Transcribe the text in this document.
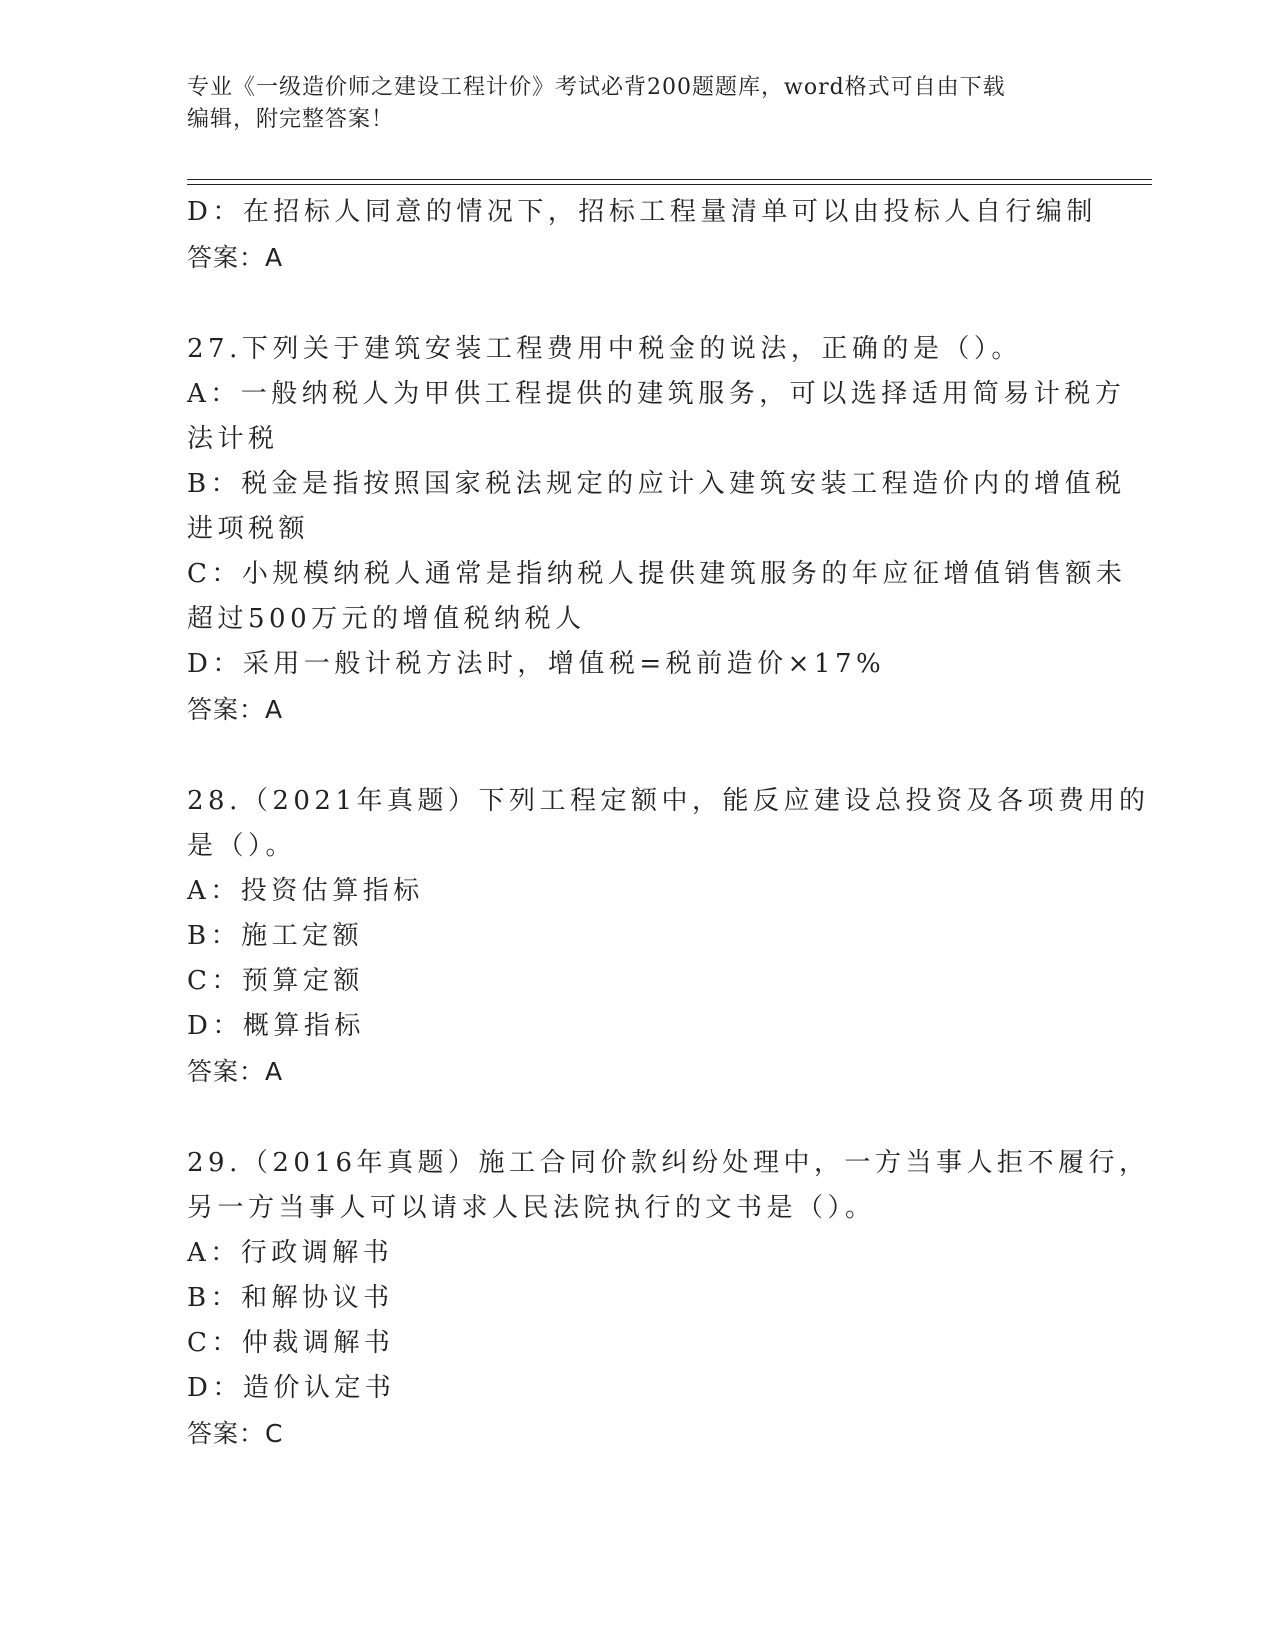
专业《一级造价师之建设工程计价》考试必背200题题库，word格式可自由下载
编辑，附完整答案！
D：在招标人同意的情况下，招标工程量清单可以由投标人自行编制
答案：A
27.下列关于建筑安装工程费用中税金的说法，正确的是（）。
A：一般纳税人为甲供工程提供的建筑服务，可以选择适用简易计税方
法计税
B：税金是指按照国家税法规定的应计入建筑安装工程造价内的增值税
进项税额
C：小规模纳税人通常是指纳税人提供建筑服务的年应征增值销售额未
超过500万元的增值税纳税人
D：采用一般计税方法时，增值税=税前造价×17%
答案：A
28.（2021年真题）下列工程定额中，能反应建设总投资及各项费用的
是（）。
A：投资估算指标
B：施工定额
C：预算定额
D：概算指标
答案：A
29.（2016年真题）施工合同价款纠纷处理中，一方当事人拒不履行，
另一方当事人可以请求人民法院执行的文书是（）。
A：行政调解书
B：和解协议书
C：仲裁调解书
D：造价认定书
答案：C
